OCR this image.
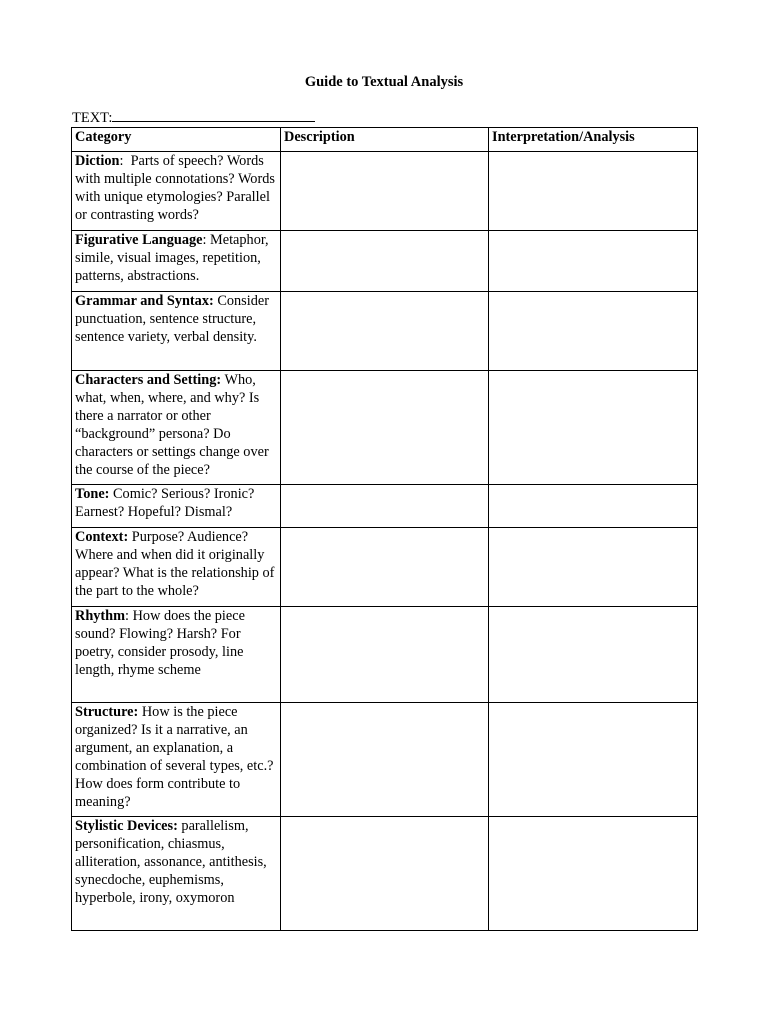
Guide to Textual Analysis
TEXT:
Category	Description	Interpretation/Analysis
Diction:  Parts of speech? Words with multiple connotations? Words with unique etymologies? Parallel or contrasting words?		
Figurative Language: Metaphor, simile, visual images, repetition, patterns, abstractions.		
Grammar and Syntax: Consider punctuation, sentence structure, sentence variety, verbal density.		
Characters and Setting: Who, what, when, where, and why? Is there a narrator or other “background” persona? Do characters or settings change over the course of the piece?		
Tone: Comic? Serious? Ironic? Earnest? Hopeful? Dismal?		
Context: Purpose? Audience? Where and when did it originally appear? What is the relationship of the part to the whole?		
Rhythm: How does the piece sound? Flowing? Harsh? For poetry, consider prosody, line length, rhyme scheme		
Structure: How is the piece organized? Is it a narrative, an argument, an explanation, a combination of several types, etc.? How does form contribute to meaning?		
Stylistic Devices: parallelism, personification, chiasmus, alliteration, assonance, antithesis, synecdoche, euphemisms, hyperbole, irony, oxymoron		
